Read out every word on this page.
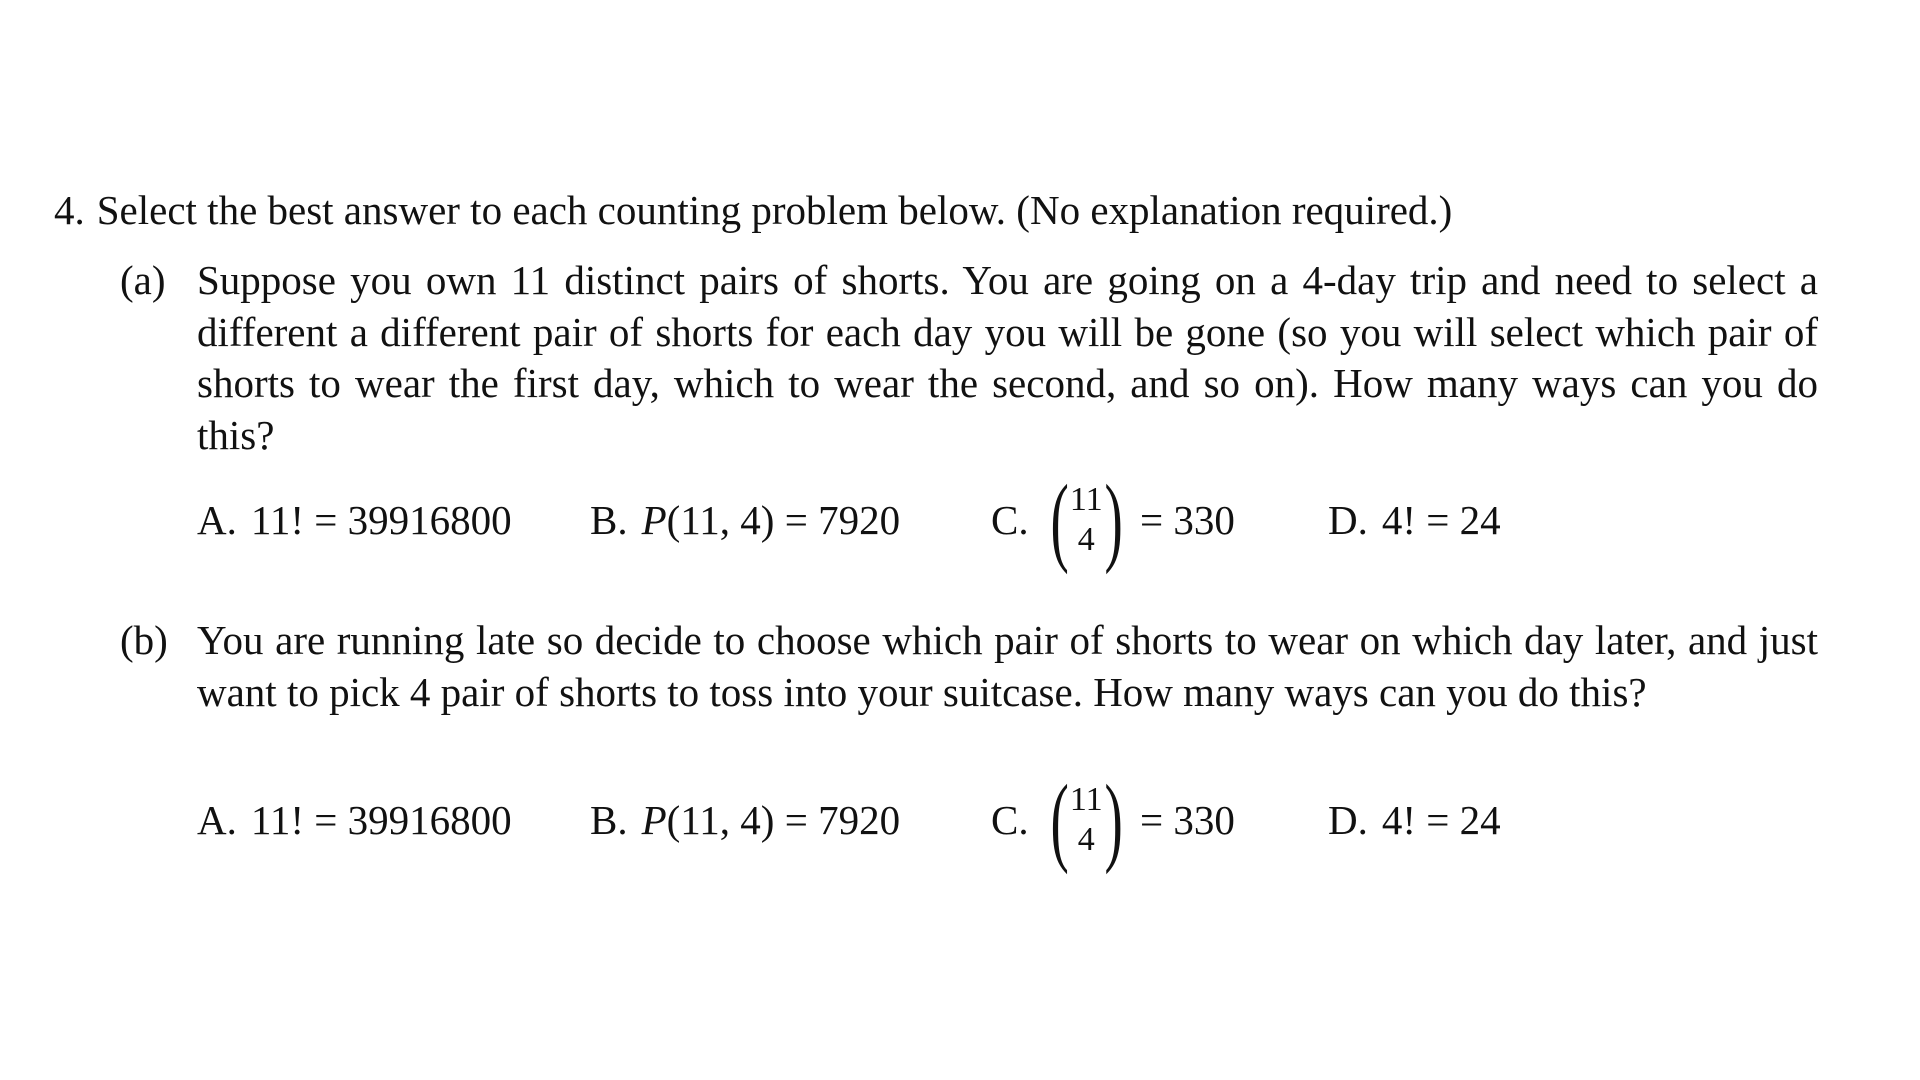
4. Select the best answer to each counting problem below. (No explanation required.)
(a) Suppose you own 11 distinct pairs of shorts. You are going on a 4-day trip and need to select a different a different pair of shorts for each day you will be gone (so you will select which pair of shorts to wear the first day, which to wear the second, and so on). How many ways can you do this?
A. 11! = 39916800 B. P (11, 4) = 7920 C. ( 11
4 ) = 330 D. 4! = 24
(b) You are running late so decide to choose which pair of shorts to wear on which day later, and just want to pick 4 pair of shorts to toss into your suitcase. How many ways can you do this?
A. 11! = 39916800 B. P (11, 4) = 7920 C. ( 11
4 ) = 330 D. 4! = 24
